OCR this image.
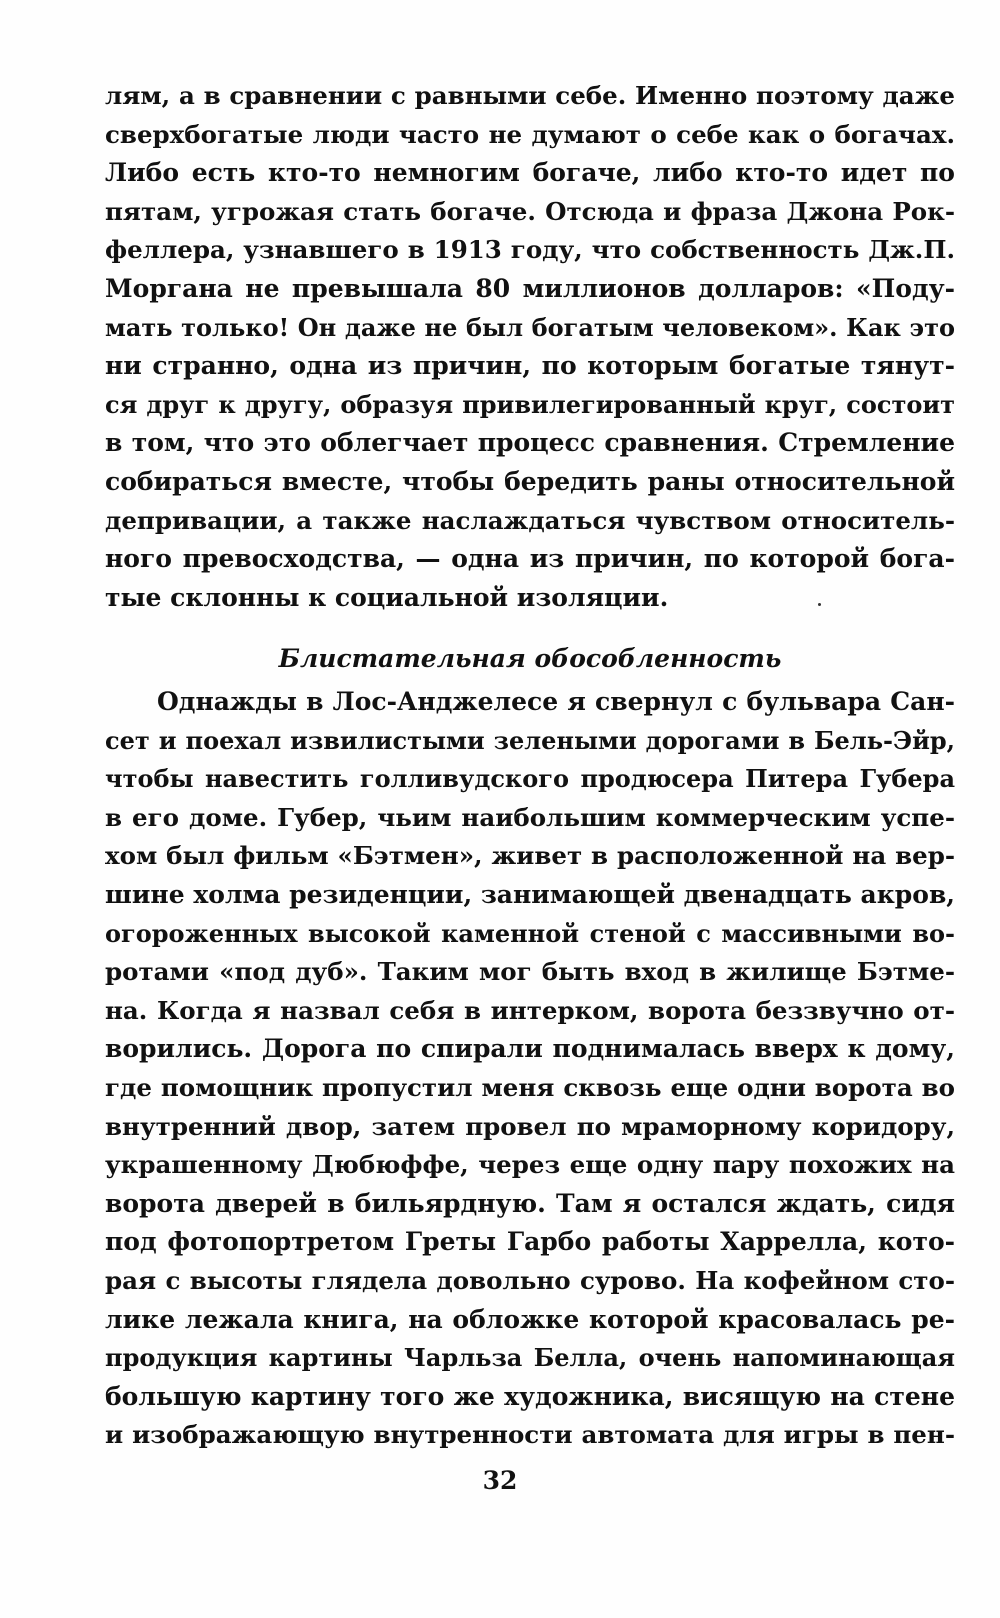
лям, а в сравнении с равными себе. Именно поэтому даже
сверхбогатые люди часто не думают о себе как о богачах.
Либо есть кто-то немногим богаче, либо кто-то идет по
пятам, угрожая стать богаче. Отсюда и фраза Джона Рок-
феллера, узнавшего в 1913 году, что собственность Дж.П.
Моргана не превышала 80 миллионов долларов: «Поду-
мать только! Он даже не был богатым человеком». Как это
ни странно, одна из причин, по которым богатые тянут-
ся друг к другу, образуя привилегированный круг, состоит
в том, что это облегчает процесс сравнения. Стремление
собираться вместе, чтобы бередить раны относительной
депривации, а также наслаждаться чувством относитель-
ного превосходства, — одна из причин, по которой бога-
тые склонны к социальной изоляции.
Блистательная обособленность
Однажды в Лос-Анджелесе я свернул с бульвара Сан-
сет и поехал извилистыми зелеными дорогами в Бель-Эйр,
чтобы навестить голливудского продюсера Питера Губера
в его доме. Губер, чьим наибольшим коммерческим успе-
хом был фильм «Бэтмен», живет в расположенной на вер-
шине холма резиденции, занимающей двенадцать акров,
огороженных высокой каменной стеной с массивными во-
ротами «под дуб». Таким мог быть вход в жилище Бэтме-
на. Когда я назвал себя в интерком, ворота беззвучно от-
ворились. Дорога по спирали поднималась вверх к дому,
где помощник пропустил меня сквозь еще одни ворота во
внутренний двор, затем провел по мраморному коридору,
украшенному Дюбюффе, через еще одну пару похожих на
ворота дверей в бильярдную. Там я остался ждать, сидя
под фотопортретом Греты Гарбо работы Харрелла, кото-
рая с высоты глядела довольно сурово. На кофейном сто-
лике лежала книга, на обложке которой красовалась ре-
продукция картины Чарльза Белла, очень напоминающая
большую картину того же художника, висящую на стене
и изображающую внутренности автомата для игры в пен-
32
